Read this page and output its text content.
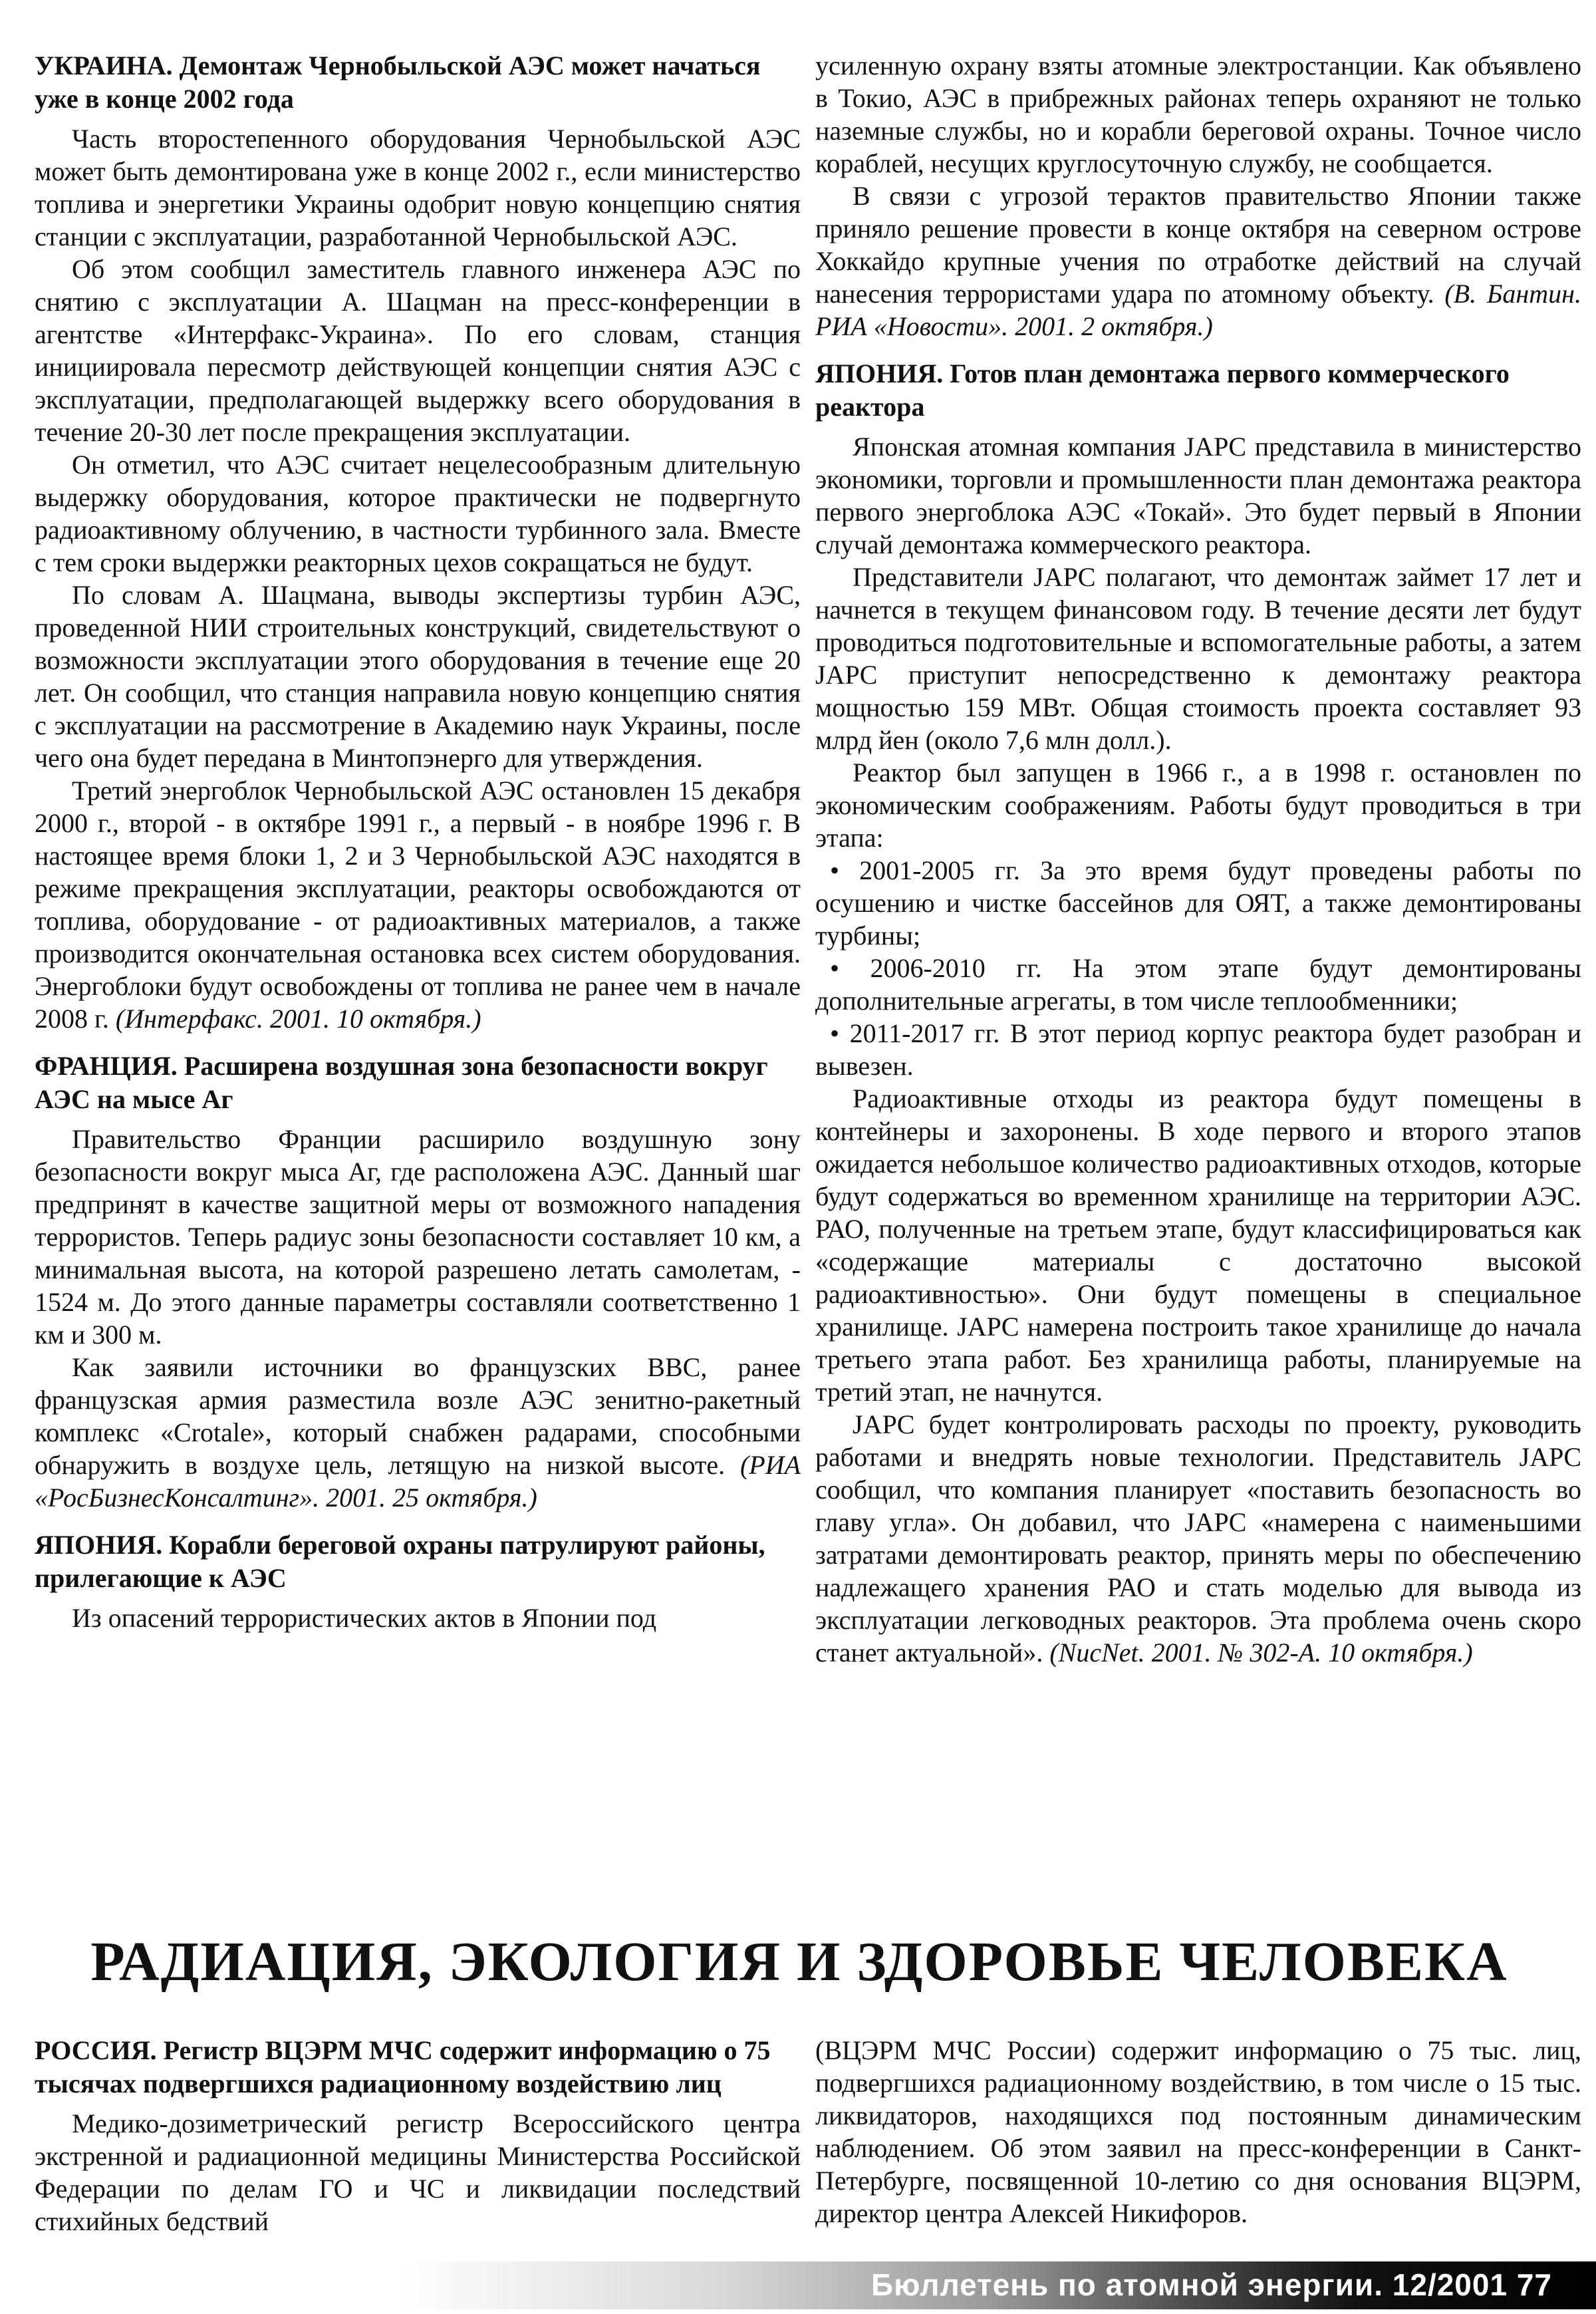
УКРАИНА. Демонтаж Чернобыльской АЭС может начаться уже в конце 2002 года

Часть второстепенного оборудования Чернобыльской АЭС может быть демонтирована уже в конце 2002 г., если министерство топлива и энергетики Украины одобрит новую концепцию снятия станции с эксплуатации, разработанной Чернобыльской АЭС.

Об этом сообщил заместитель главного инженера АЭС по снятию с эксплуатации А. Шацман на пресс-конференции в агентстве «Интерфакс-Украина». По его словам, станция инициировала пересмотр действующей концепции снятия АЭС с эксплуатации, предполагающей выдержку всего оборудования в течение 20-30 лет после прекращения эксплуатации.

Он отметил, что АЭС считает нецелесообразным длительную выдержку оборудования, которое практически не подвергнуто радиоактивному облучению, в частности турбинного зала. Вместе с тем сроки выдержки реакторных цехов сокращаться не будут.

По словам А. Шацмана, выводы экспертизы турбин АЭС, проведенной НИИ строительных конструкций, свидетельствуют о возможности эксплуатации этого оборудования в течение еще 20 лет. Он сообщил, что станция направила новую концепцию снятия с эксплуатации на рассмотрение в Академию наук Украины, после чего она будет передана в Минтопэнерго для утверждения.

Третий энергоблок Чернобыльской АЭС остановлен 15 декабря 2000 г., второй - в октябре 1991 г., а первый - в ноябре 1996 г. В настоящее время блоки 1, 2 и 3 Чернобыльской АЭС находятся в режиме прекращения эксплуатации, реакторы освобождаются от топлива, оборудование - от радиоактивных материалов, а также производится окончательная остановка всех систем оборудования. Энергоблоки будут освобождены от топлива не ранее чем в начале 2008 г. (Интерфакс. 2001. 10 октября.)

ФРАНЦИЯ. Расширена воздушная зона безопасности вокруг АЭС на мысе Аг

Правительство Франции расширило воздушную зону безопасности вокруг мыса Аг, где расположена АЭС. Данный шаг предпринят в качестве защитной меры от возможного нападения террористов. Теперь радиус зоны безопасности составляет 10 км, а минимальная высота, на которой разрешено летать самолетам, - 1524 м. До этого данные параметры составляли соответственно 1 км и 300 м.

Как заявили источники во французских ВВС, ранее французская армия разместила возле АЭС зенитно-ракетный комплекс «Crotale», который снабжен радарами, способными обнаружить в воздухе цель, летящую на низкой высоте. (РИА «РосБизнесКонсалтинг». 2001. 25 октября.)

ЯПОНИЯ. Корабли береговой охраны патрулируют районы, прилегающие к АЭС

Из опасений террористических актов в Японии под

усиленную охрану взяты атомные электростанции. Как объявлено в Токио, АЭС в прибрежных районах теперь охраняют не только наземные службы, но и корабли береговой охраны. Точное число кораблей, несущих круглосуточную службу, не сообщается.

В связи с угрозой терактов правительство Японии также приняло решение провести в конце октября на северном острове Хоккайдо крупные учения по отработке действий на случай нанесения террористами удара по атомному объекту. (В. Бантин. РИА «Новости». 2001. 2 октября.)

ЯПОНИЯ. Готов план демонтажа первого коммерческого реактора

Японская атомная компания JAPC представила в министерство экономики, торговли и промышленности план демонтажа реактора первого энергоблока АЭС «Токай». Это будет первый в Японии случай демонтажа коммерческого реактора.

Представители JAPC полагают, что демонтаж займет 17 лет и начнется в текущем финансовом году. В течение десяти лет будут проводиться подготовительные и вспомогательные работы, а затем JAPC приступит непосредственно к демонтажу реактора мощностью 159 МВт. Общая стоимость проекта составляет 93 млрд йен (около 7,6 млн долл.).

Реактор был запущен в 1966 г., а в 1998 г. остановлен по экономическим соображениям. Работы будут проводиться в три этапа:

• 2001-2005 гг. За это время будут проведены работы по осушению и чистке бассейнов для ОЯТ, а также демонтированы турбины;

• 2006-2010 гг. На этом этапе будут демонтированы дополнительные агрегаты, в том числе теплообменники;

• 2011-2017 гг. В этот период корпус реактора будет разобран и вывезен.

Радиоактивные отходы из реактора будут помещены в контейнеры и захоронены. В ходе первого и второго этапов ожидается небольшое количество радиоактивных отходов, которые будут содержаться во временном хранилище на территории АЭС. РАО, полученные на третьем этапе, будут классифицироваться как «содержащие материалы с достаточно высокой радиоактивностью». Они будут помещены в специальное хранилище. JAPC намерена построить такое хранилище до начала третьего этапа работ. Без хранилища работы, планируемые на третий этап, не начнутся.

JAPC будет контролировать расходы по проекту, руководить работами и внедрять новые технологии. Представитель JAPC сообщил, что компания планирует «поставить безопасность во главу угла». Он добавил, что JAPC «намерена с наименьшими затратами демонтировать реактор, принять меры по обеспечению надлежащего хранения РАО и стать моделью для вывода из эксплуатации легководных реакторов. Эта проблема очень скоро станет актуальной». (NucNet. 2001. № 302-A. 10 октября.)

РАДИАЦИЯ, ЭКОЛОГИЯ И ЗДОРОВЬЕ ЧЕЛОВЕКА
РОССИЯ. Регистр ВЦЭРМ МЧС содержит информацию о 75 тысячах подвергшихся радиационному воздействию лиц

Медико-дозиметрический регистр Всероссийского центра экстренной и радиационной медицины Министерства Российской Федерации по делам ГО и ЧС и ликвидации последствий стихийных бедствий

(ВЦЭРМ МЧС России) содержит информацию о 75 тыс. лиц, подвергшихся радиационному воздействию, в том числе о 15 тыс. ликвидаторов, находящихся под постоянным динамическим наблюдением. Об этом заявил на пресс-конференции в Санкт-Петербурге, посвященной 10-летию со дня основания ВЦЭРМ, директор центра Алексей Никифоров.

Бюллетень по атомной энергии. 12/2001 77
